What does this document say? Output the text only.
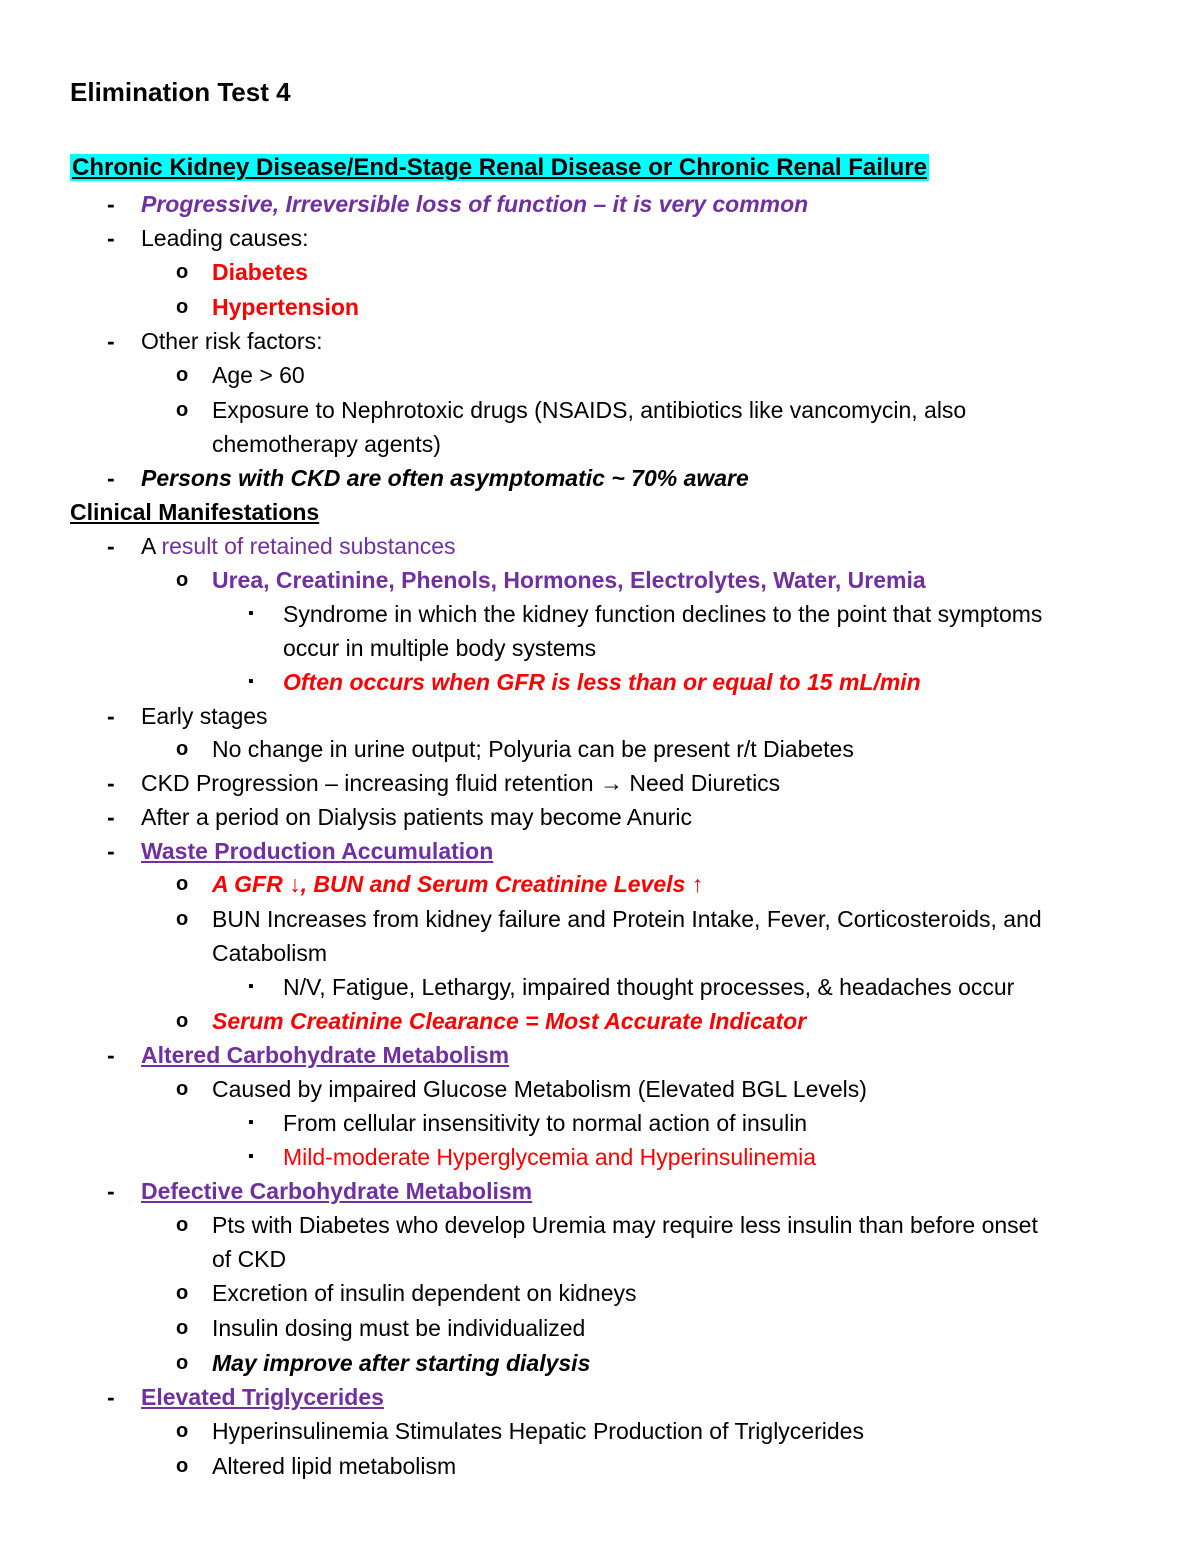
Elimination Test 4
Chronic Kidney Disease/End-Stage Renal Disease or Chronic Renal Failure
- Progressive, Irreversible loss of function – it is very common
- Leading causes:
o Diabetes
o Hypertension
- Other risk factors:
o Age > 60
o Exposure to Nephrotoxic drugs (NSAIDS, antibiotics like vancomycin, also
chemotherapy agents)
- Persons with CKD are often asymptomatic ~ 70% aware
Clinical Manifestations
- A result of retained substances
o Urea, Creatinine, Phenols, Hormones, Electrolytes, Water, Uremia
▪ Syndrome in which the kidney function declines to the point that symptoms
occur in multiple body systems
▪ Often occurs when GFR is less than or equal to 15 mL/min
- Early stages
o No change in urine output; Polyuria can be present r/t Diabetes
- CKD Progression – increasing fluid retention → Need Diuretics
- After a period on Dialysis patients may become Anuric
- Waste Production Accumulation
o A GFR ↓, BUN and Serum Creatinine Levels ↑
o BUN Increases from kidney failure and Protein Intake, Fever, Corticosteroids, and
Catabolism
▪ N/V, Fatigue, Lethargy, impaired thought processes, & headaches occur
o Serum Creatinine Clearance = Most Accurate Indicator
- Altered Carbohydrate Metabolism
o Caused by impaired Glucose Metabolism (Elevated BGL Levels)
▪ From cellular insensitivity to normal action of insulin
▪ Mild-moderate Hyperglycemia and Hyperinsulinemia
- Defective Carbohydrate Metabolism
o Pts with Diabetes who develop Uremia may require less insulin than before onset
of CKD
o Excretion of insulin dependent on kidneys
o Insulin dosing must be individualized
o May improve after starting dialysis
- Elevated Triglycerides
o Hyperinsulinemia Stimulates Hepatic Production of Triglycerides
o Altered lipid metabolism
